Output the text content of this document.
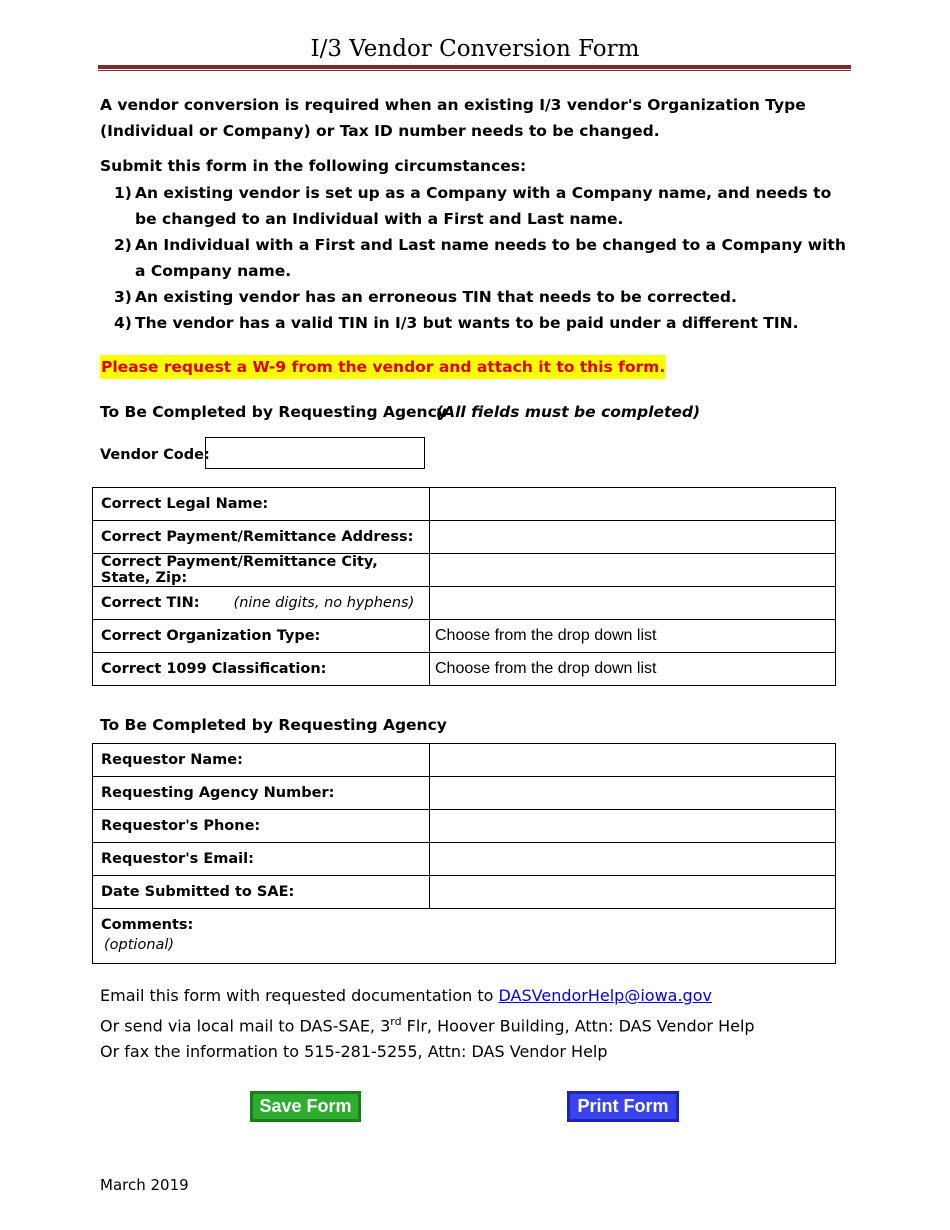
I/3 Vendor Conversion Form
A vendor conversion is required when an existing I/3 vendor's Organization Type (Individual or Company) or Tax ID number needs to be changed.
Submit this form in the following circumstances:
1) An existing vendor is set up as a Company with a Company name, and needs to be changed to an Individual with a First and Last name.
2) An Individual with a First and Last name needs to be changed to a Company with a Company name.
3) An existing vendor has an erroneous TIN that needs to be corrected.
4) The vendor has a valid TIN in I/3 but wants to be paid under a different TIN.
Please request a W-9 from the vendor and attach it to this form.
To Be Completed by Requesting Agency
(All fields must be completed)
Vendor Code:
Correct Legal Name:	
Correct Payment/Remittance Address:	
Correct Payment/Remittance City, State, Zip:	
Correct TIN: (nine digits, no hyphens)	
Correct Organization Type:	Choose from the drop down list
Correct 1099 Classification:	Choose from the drop down list
To Be Completed by Requesting Agency
Requestor Name:	
Requesting Agency Number:	
Requestor's Phone:	
Requestor's Email:	
Date Submitted to SAE:	

Comments:
(optional)	
Email this form with requested documentation to DASVendorHelp@iowa.gov
Or send via local mail to DAS-SAE, 3rd Flr, Hoover Building, Attn: DAS Vendor Help
Or fax the information to 515-281-5255, Attn: DAS Vendor Help
Save Form	Print Form
March 2019
